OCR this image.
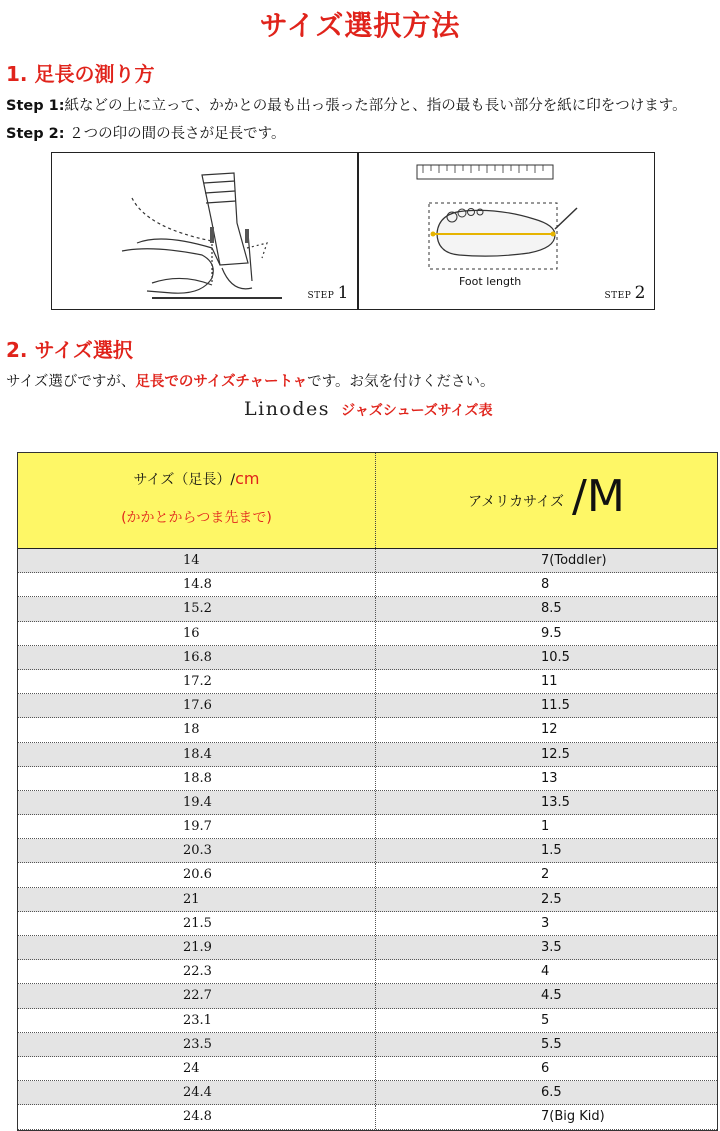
サイズ選択方法
1. 足長の測り方
Step 1:紙などの上に立って、かかとの最も出っ張った部分と、指の最も長い部分を紙に印をつけます。
Step 2: ２つの印の間の長さが足長です。
STEP 1
Foot length
STEP 2
2. サイズ選択
サイズ選びですが、足長でのサイズチャートャです。お気を付けください。
Linodes ジャズシューズサイズ表
サイズ（足長）/cm
(かかとからつま先まで)
アメリカサイズ /M
14	7(Toddler)
14.8	8
15.2	8.5
16	9.5
16.8	10.5
17.2	11
17.6	11.5
18	12
18.4	12.5
18.8	13
19.4	13.5
19.7	1
20.3	1.5
20.6	2
21	2.5
21.5	3
21.9	3.5
22.3	4
22.7	4.5
23.1	5
23.5	5.5
24	6
24.4	6.5
24.8	7(Big Kid)
